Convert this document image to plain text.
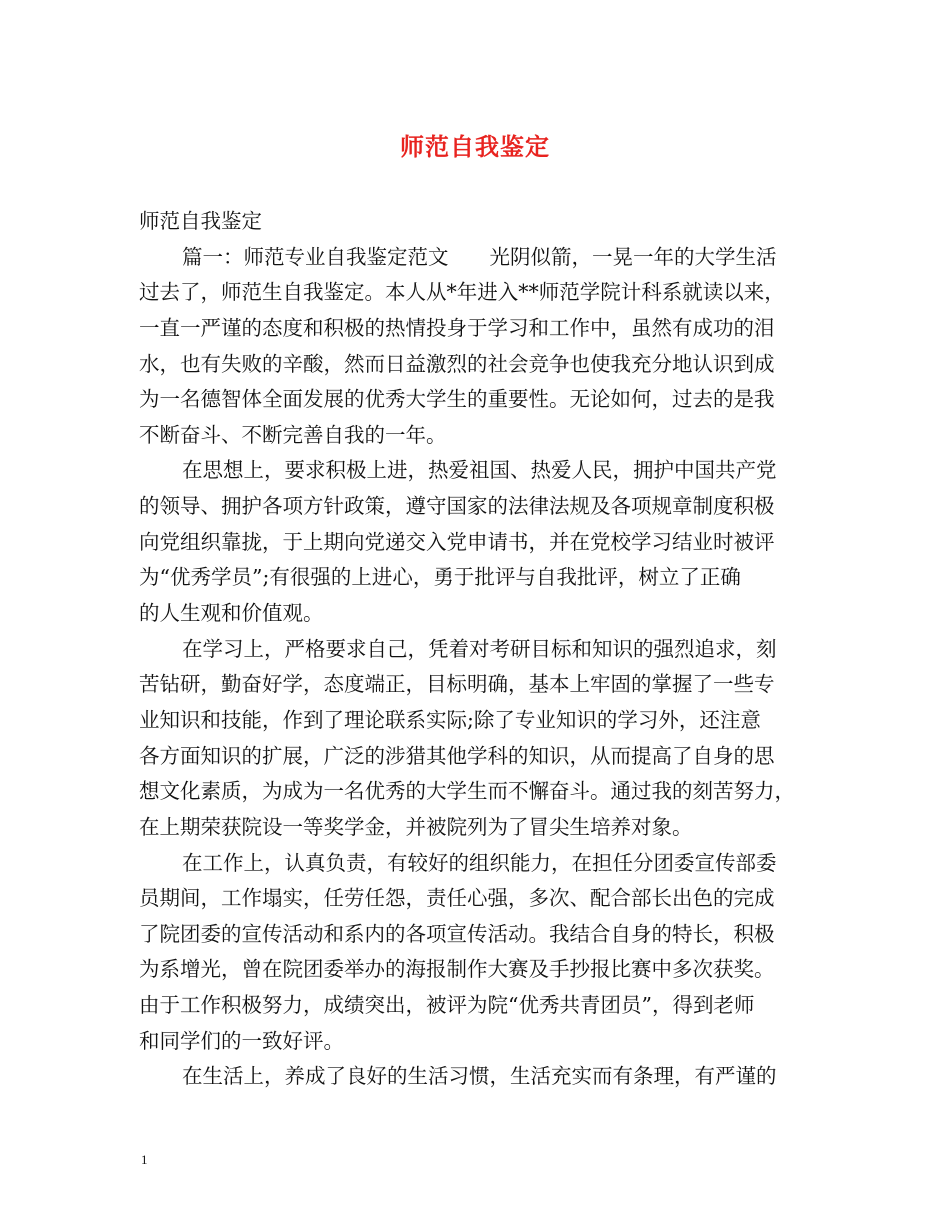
师范自我鉴定
师范自我鉴定
篇一：师范专业自我鉴定范文　　光阴似箭，一晃一年的大学生活
过去了，师范生自我鉴定。本人从*年进入**师范学院计科系就读以来，
一直一严谨的态度和积极的热情投身于学习和工作中，虽然有成功的泪
水，也有失败的辛酸，然而日益激烈的社会竞争也使我充分地认识到成
为一名德智体全面发展的优秀大学生的重要性。无论如何，过去的是我
不断奋斗、不断完善自我的一年。
在思想上，要求积极上进，热爱祖国、热爱人民，拥护中国共产党
的领导、拥护各项方针政策，遵守国家的法律法规及各项规章制度积极
向党组织靠拢，于上期向党递交入党申请书，并在党校学习结业时被评
为“优秀学员”;有很强的上进心，勇于批评与自我批评，树立了正确
的人生观和价值观。
在学习上，严格要求自己，凭着对考研目标和知识的强烈追求，刻
苦钻研，勤奋好学，态度端正，目标明确，基本上牢固的掌握了一些专
业知识和技能，作到了理论联系实际;除了专业知识的学习外，还注意
各方面知识的扩展，广泛的涉猎其他学科的知识，从而提高了自身的思
想文化素质，为成为一名优秀的大学生而不懈奋斗。通过我的刻苦努力，
在上期荣获院设一等奖学金，并被院列为了冒尖生培养对象。
在工作上，认真负责，有较好的组织能力，在担任分团委宣传部委
员期间，工作塌实，任劳任怨，责任心强，多次、配合部长出色的完成
了院团委的宣传活动和系内的各项宣传活动。我结合自身的特长，积极
为系增光，曾在院团委举办的海报制作大赛及手抄报比赛中多次获奖。
由于工作积极努力，成绩突出，被评为院“优秀共青团员”，得到老师
和同学们的一致好评。
在生活上，养成了良好的生活习惯，生活充实而有条理，有严谨的
1
